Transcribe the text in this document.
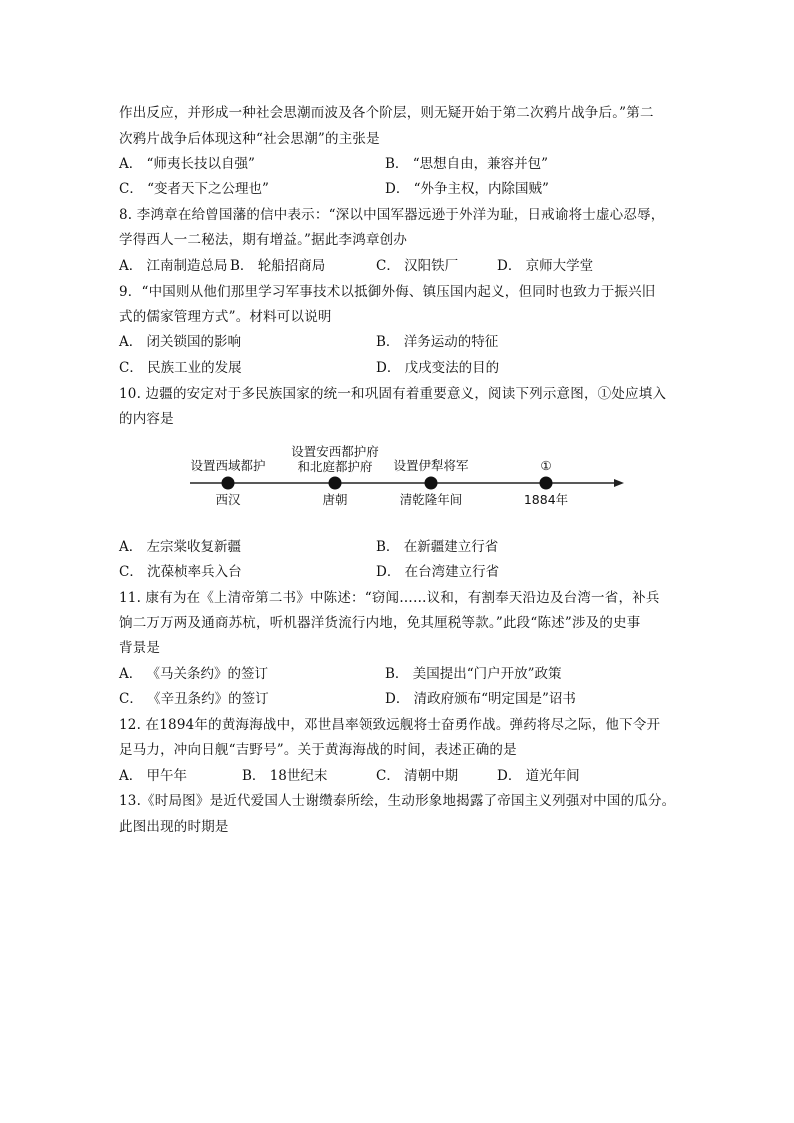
作出反应，并形成一种社会思潮而波及各个阶层，则无疑开始于第二次鸦片战争后。”第二
次鸦片战争后体现这种“社会思潮”的主张是
A． “师夷长技以自强”	B． “思想自由，兼容并包”
C． “变者天下之公理也”	D． “外争主权，内除国贼”
8. 李鸿章在给曾国藩的信中表示：“深以中国军器远逊于外洋为耻，日戒谕将士虚心忍辱，
学得西人一二秘法，期有增益。”据此李鸿章创办
A． 江南制造总局 B． 轮船招商局	C． 汉阳铁厂	D． 京师大学堂
9．“中国则从他们那里学习军事技术以抵御外侮、镇压国内起义，但同时也致力于振兴旧
式的儒家管理方式”。材料可以说明
A． 闭关锁国的影响	B． 洋务运动的特征
C． 民族工业的发展	D． 戊戌变法的目的
10. 边疆的安定对于多民族国家的统一和巩固有着重要意义，阅读下列示意图，①处应填入
的内容是
设置西域都护
设置安西都护府
和北庭都护府 设置伊犁将军	①
西汉	唐朝	清乾隆年间	1884年
A． 左宗棠收复新疆	B． 在新疆建立行省
C． 沈葆桢率兵入台	D． 在台湾建立行省
11. 康有为在《上清帝第二书》中陈述：“窃闻……议和，有割奉天沿边及台湾一省，补兵
饷二万万两及通商苏杭，听机器洋货流行内地，免其厘税等款。”此段“陈述”涉及的史事
背景是
A． 《马关条约》的签订	B． 美国提出“门户开放”政策
C． 《辛丑条约》的签订	D． 清政府颁布“明定国是”诏书
12. 在1894年的黄海海战中，邓世昌率领致远舰将士奋勇作战。弹药将尽之际，他下令开
足马力，冲向日舰“吉野号”。关于黄海海战的时间，表述正确的是
A． 甲午年	B． 18世纪末	C． 清朝中期	D． 道光年间
13.《时局图》是近代爱国人士谢缵泰所绘，生动形象地揭露了帝国主义列强对中国的瓜分。
此图出现的时期是
